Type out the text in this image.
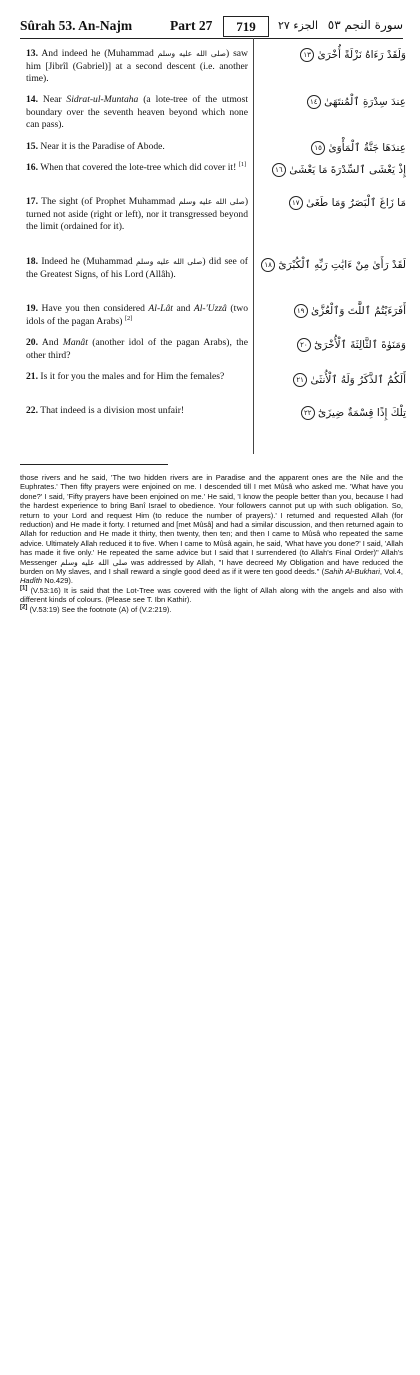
Sûrah 53. An-Najm	Part 27	719	الجزء ٢٧ سورة النجم ٥٣
13. And indeed he (Muhammad صلى الله عليه وسلم) saw him [Jibrîl (Gabriel)] at a second descent (i.e. another time).
وَلَقَدْ رَءَاهُ نَزْلَةً أُخْرَىٰ ١٣
14. Near Sidrat-ul-Muntaha (a lote-tree of the utmost boundary over the seventh heaven beyond which none can pass).
عِندَ سِدْرَةِ ٱلْمُنتَهَىٰ ١٤
15. Near it is the Paradise of Abode.	عِندَهَا جَنَّةُ ٱلْمَأْوَىٰ ١٥
16. When that covered the lote-tree which did cover it! [1]	إِذْ يَغْشَى ٱلسِّدْرَةَ مَا يَغْشَىٰ ١٦
17. The sight (of Prophet Muhammad صلى الله عليه وسلم) turned not aside (right or left), nor it transgressed beyond the limit (ordained for it).
مَا زَاغَ ٱلْبَصَرُ وَمَا طَغَىٰ ١٧
18. Indeed he (Muhammad صلى الله عليه وسلم) did see of the Greatest Signs, of his Lord (Allâh).
لَقَدْ رَأَىٰ مِنْ ءَايَٰتِ رَبِّهِ ٱلْكُبْرَىٰٓ ١٨
19. Have you then considered Al-Lât and Al-'Uzzâ (two idols of the pagan Arabs) [2]
أَفَرَءَيْتُمُ ٱللَّٰتَ وَٱلْعُزَّىٰ ١٩
20. And Manât (another idol of the pagan Arabs), the other third?
وَمَنَوٰةَ ٱلثَّالِثَةَ ٱلْأُخْرَىٰٓ ٢٠
21. Is it for you the males and for Him the females?	أَلَكُمُ ٱلذَّكَرُ وَلَهُ ٱلْأُنثَىٰ ٢١
22. That indeed is a division most unfair!	تِلْكَ إِذًا قِسْمَةٌ ضِيزَىٰٓ ٢٢

those rivers and he said, 'The two hidden rivers are in Paradise and the apparent ones are the Nile and the Euphrates.' Then fifty prayers were enjoined on me. I descended till I met Mûsâ who asked me. 'What have you done?' I said, 'Fifty prayers have been enjoined on me.' He said, 'I know the people better than you, because I had the hardest experience to bring Banî Israel to obedience. Your followers cannot put up with such obligation. So, return to your Lord and request Him (to reduce the number of prayers).' I returned and requested Allah (for reduction) and He made it forty. I returned and [met Mûsâ] and had a similar discussion, and then returned again to Allah for reduction and He made it thirty, then twenty, then ten; and then I came to Mûsâ who repeated the same advice. Ultimately Allah reduced it to five. When I came to Mûsâ again, he said, 'What have you done?' I said, 'Allah has made it five only.' He repeated the same advice but I said that I surrendered (to Allah's Final Order)" Allah's Messenger صلى الله عليه وسلم was addressed by Allah, "I have decreed My Obligation and have reduced the burden on My slaves, and I shall reward a single good deed as if it were ten good deeds." (Sahih Al-Bukhari, Vol.4, Hadîth No.429).

[1] (V.53:16) It is said that the Lot-Tree was covered with the light of Allah along with the angels and also with different kinds of colours. (Please see T. Ibn Kathir).

[2] (V.53:19) See the footnote (A) of (V.2:219).
